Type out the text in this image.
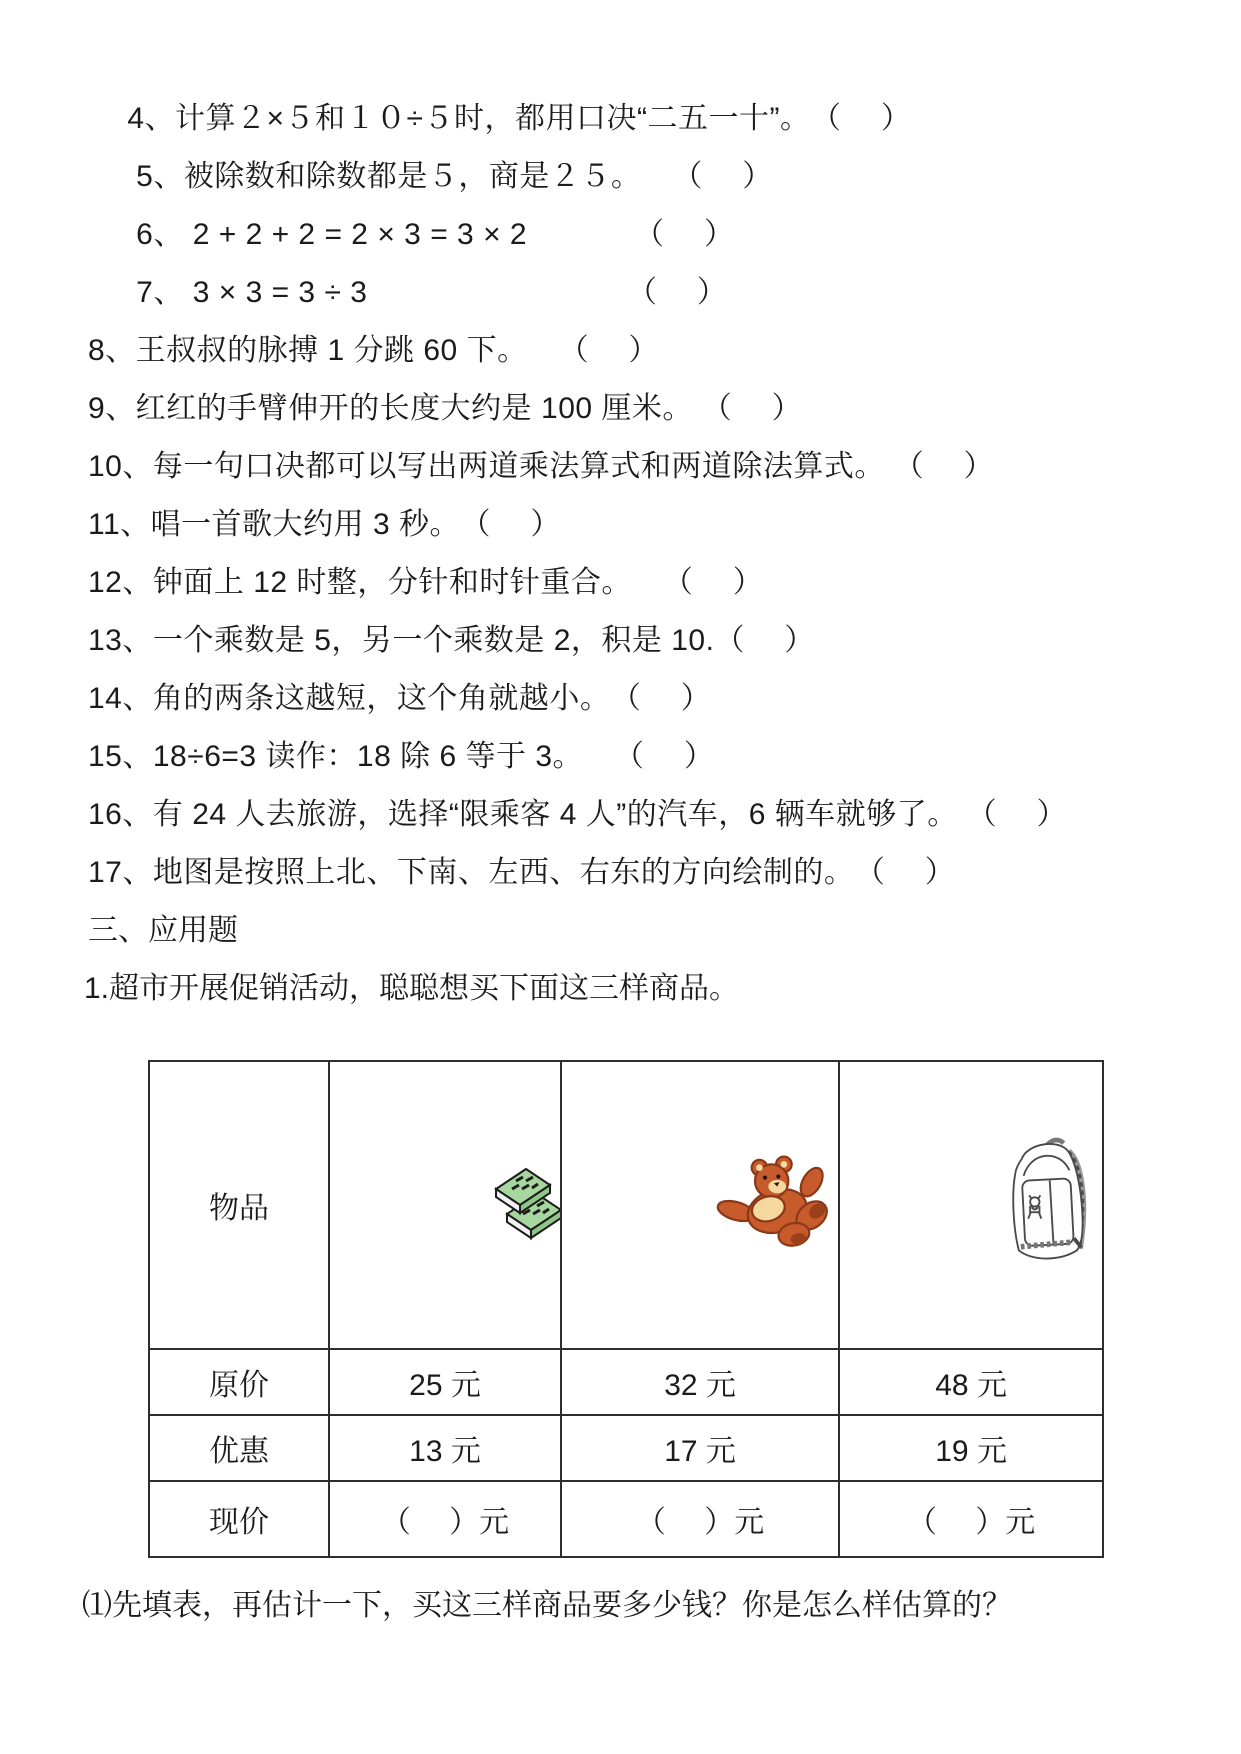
　 4、计算２×５和１０÷５时，都用口决“二五一十”。　（　 ）
　  5、被除数和除数都是５，商是２５。　　（　 ）
　  6、 2 + 2 + 2 = 2 × 3 = 3 × 2　　　　（　 ）
　  7、 3 × 3 = 3 ÷ 3　　　　　　　　　（　 ）
8、王叔叔的脉搏 1 分跳 60 下。　　（　 ）
9、红红的手臂伸开的长度大约是 100 厘米。 （　 ）
10、每一句口决都可以写出两道乘法算式和两道除法算式。 （　 ）
11、唱一首歌大约用 3 秒。　（　 ）
12、钟面上 12 时整，分针和时针重合。　　（　 ）
13、一个乘数是 5，另一个乘数是 2，积是 10.（　 ）
14、角的两条这越短，这个角就越小。　（　 ）
15、18÷6=3 读作：18 除 6 等于 3。　　（　 ）
16、有 24 人去旅游，选择“限乘客 4 人”的汽车，6 辆车就够了。 （　 ）
17、地图是按照上北、下南、左西、右东的方向绘制的。　（　 ）
三、应用题
1.超市开展促销活动，聪聪想买下面这三样商品。
物品	

原价	25 元	32 元	48 元
优惠	13 元	17 元	19 元
现价	（　 ）元	（　 ）元	（　 ）元
⑴先填表，再估计一下，买这三样商品要多少钱？你是怎么样估算的？
